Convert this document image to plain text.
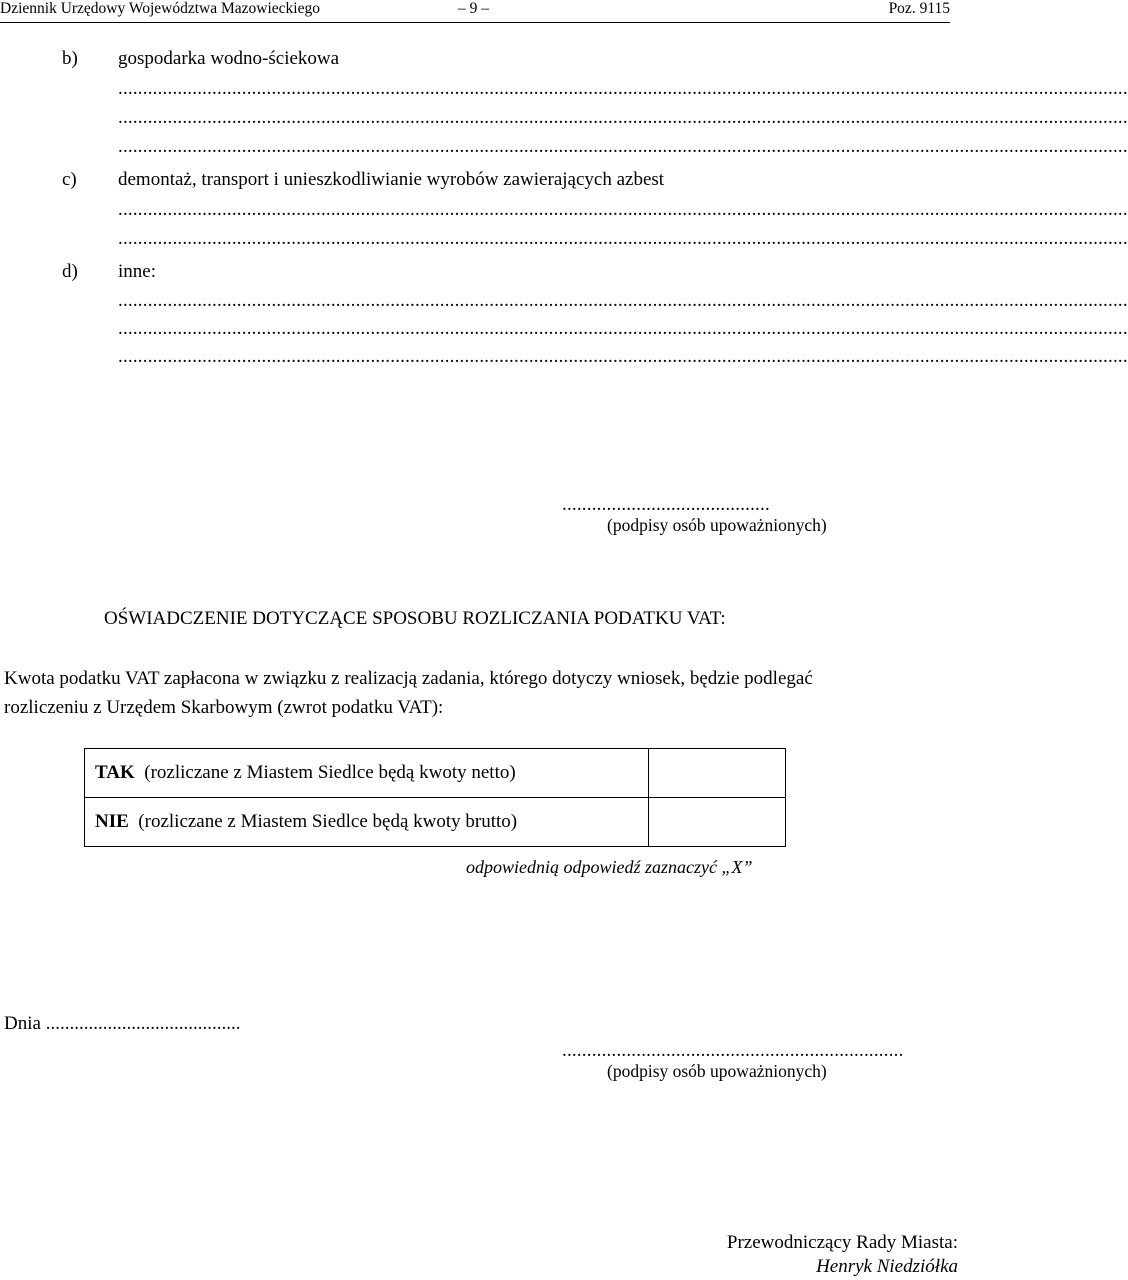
Dziennik Urzędowy Województwa Mazowieckiego	– 9 –	Poz. 9115
b) gospodarka wodno-ściekowa
............................................................................................................................................................................................................
............................................................................................................................................................................................................
............................................................................................................................................................................................................
c) demontaż, transport i unieszkodliwianie wyrobów zawierających azbest
............................................................................................................................................................................................................
............................................................................................................................................................................................................
d) inne:
............................................................................................................................................................................................................
............................................................................................................................................................................................................
............................................................................................................................................................................................................
..........................................
(podpisy osób upoważnionych)
OŚWIADCZENIE DOTYCZĄCE SPOSOBU ROZLICZANIA PODATKU VAT:
Kwota podatku VAT zapłacona w związku z realizacją zadania, którego dotyczy wniosek, będzie podlegać
rozliczeniu z Urzędem Skarbowym (zwrot podatku VAT):
TAK (rozliczane z Miastem Siedlce będą kwoty netto)	
NIE (rozliczane z Miastem Siedlce będą kwoty brutto)	
odpowiednią odpowiedź zaznaczyć „X”
Dnia .........................................
.....................................................................
(podpisy osób upoważnionych)
Przewodniczący Rady Miasta:
Henryk Niedziółka
